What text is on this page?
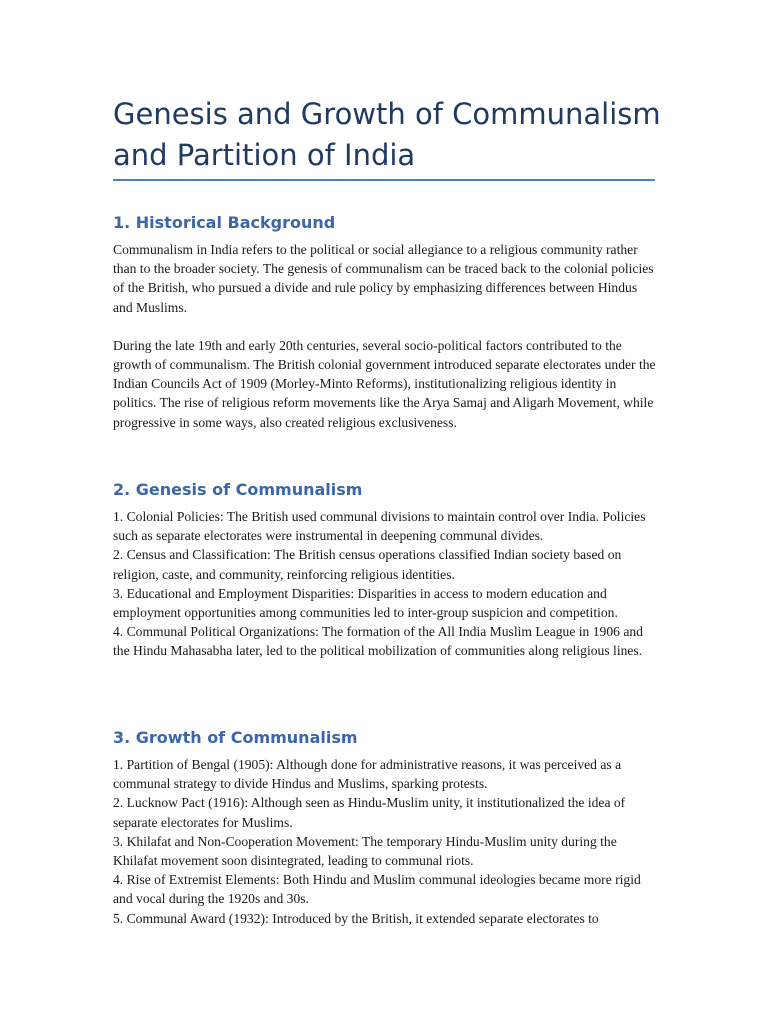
Genesis and Growth of Communalism and Partition of India
1. Historical Background

Communalism in India refers to the political or social allegiance to a religious community rather than to the broader society. The genesis of communalism can be traced back to the colonial policies of the British, who pursued a divide and rule policy by emphasizing differences between Hindus and Muslims.

During the late 19th and early 20th centuries, several socio-political factors contributed to the growth of communalism. The British colonial government introduced separate electorates under the Indian Councils Act of 1909 (Morley-Minto Reforms), institutionalizing religious identity in politics. The rise of religious reform movements like the Arya Samaj and Aligarh Movement, while progressive in some ways, also created religious exclusiveness.

2. Genesis of Communalism

1. Colonial Policies: The British used communal divisions to maintain control over India. Policies such as separate electorates were instrumental in deepening communal divides.

2. Census and Classification: The British census operations classified Indian society based on religion, caste, and community, reinforcing religious identities.

3. Educational and Employment Disparities: Disparities in access to modern education and employment opportunities among communities led to inter-group suspicion and competition.

4. Communal Political Organizations: The formation of the All India Muslim League in 1906 and the Hindu Mahasabha later, led to the political mobilization of communities along religious lines.

3. Growth of Communalism

1. Partition of Bengal (1905): Although done for administrative reasons, it was perceived as a communal strategy to divide Hindus and Muslims, sparking protests.

2. Lucknow Pact (1916): Although seen as Hindu-Muslim unity, it institutionalized the idea of separate electorates for Muslims.

3. Khilafat and Non-Cooperation Movement: The temporary Hindu-Muslim unity during the Khilafat movement soon disintegrated, leading to communal riots.

4. Rise of Extremist Elements: Both Hindu and Muslim communal ideologies became more rigid and vocal during the 1920s and 30s.

5. Communal Award (1932): Introduced by the British, it extended separate electorates to
